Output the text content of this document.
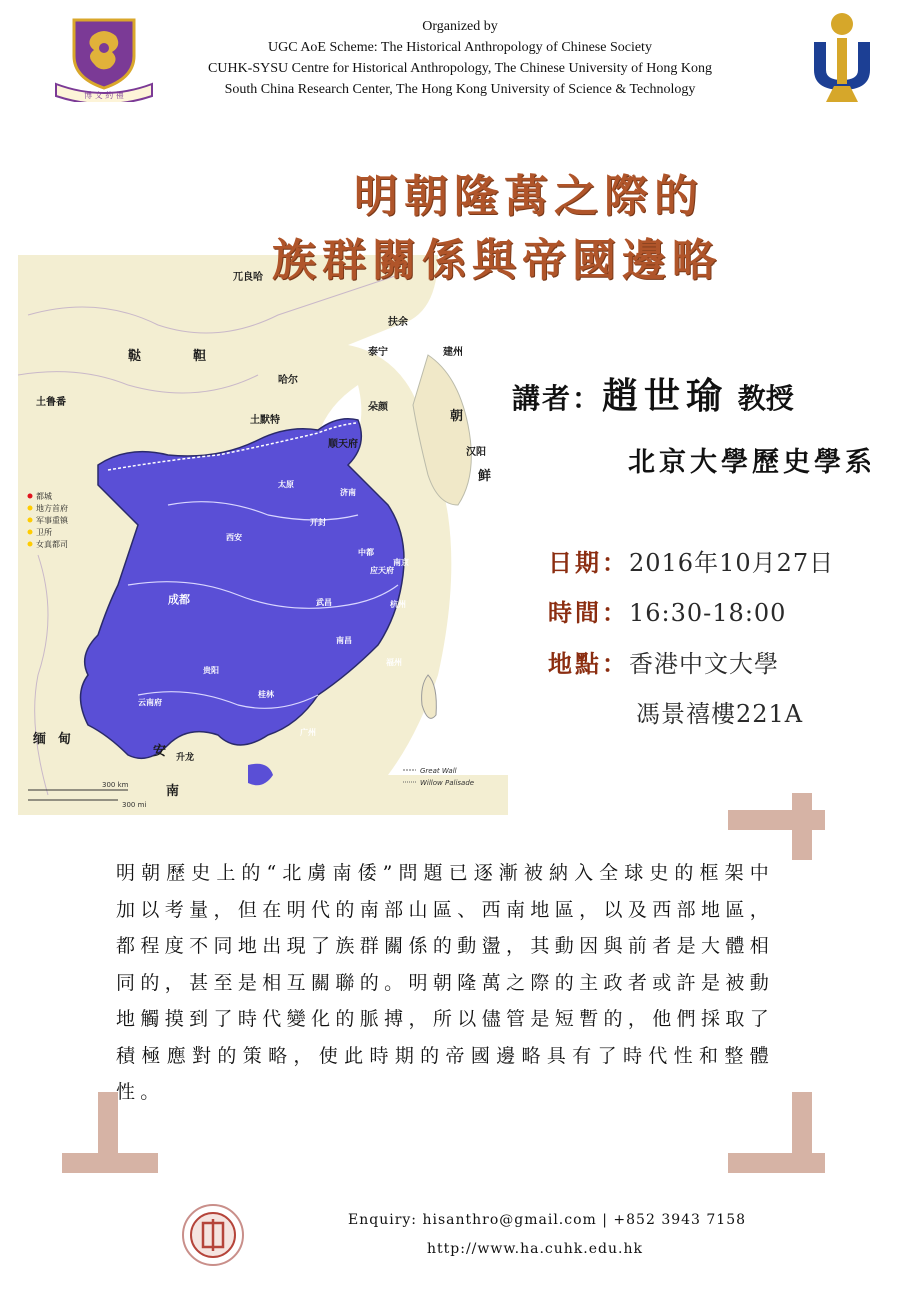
Organized by
UGC AoE Scheme: The Historical Anthropology of Chinese Society
CUHK-SYSU Centre for Historical Anthropology, The Chinese University of Hong Kong
South China Research Center, The Hong Kong University of Science & Technology
博 文 約 禮
明朝隆萬之際的
都城
地方首府
军事重镇
卫所
女真都司
兀良哈
扶余
鞑	靼	泰宁	建州
土鲁番
哈尔
朵颜
朝
土默特
顺天府
汉阳
鲜
太原
济南
西安
开封
中都
南京
应天府
成都	武昌	杭州
南昌
贵阳
福州
云南府
桂林
广州
缅 甸
安
南
升龙
300 km
300 mi
Great Wall
Willow Palisade
族群關係與帝國邊略
講者：趙世瑜 教授
北京大學歷史學系
日期：2016年10月27日
時間：16:30-18:00
地點：香港中文大學
馮景禧樓221A
明朝歷史上的“北虜南倭”問題已逐漸被納入全球史的框架中加以考量，但在明代的南部山區、西南地區，以及西部地區，都程度不同地出現了族群關係的動盪，其動因與前者是大體相同的，甚至是相互關聯的。明朝隆萬之際的主政者或許是被動地觸摸到了時代變化的脈搏，所以儘管是短暫的，他們採取了積極應對的策略，使此時期的帝國邊略具有了時代性和整體性。
Enquiry: hisanthro@gmail.com | +852 3943 7158
http://www.ha.cuhk.edu.hk
